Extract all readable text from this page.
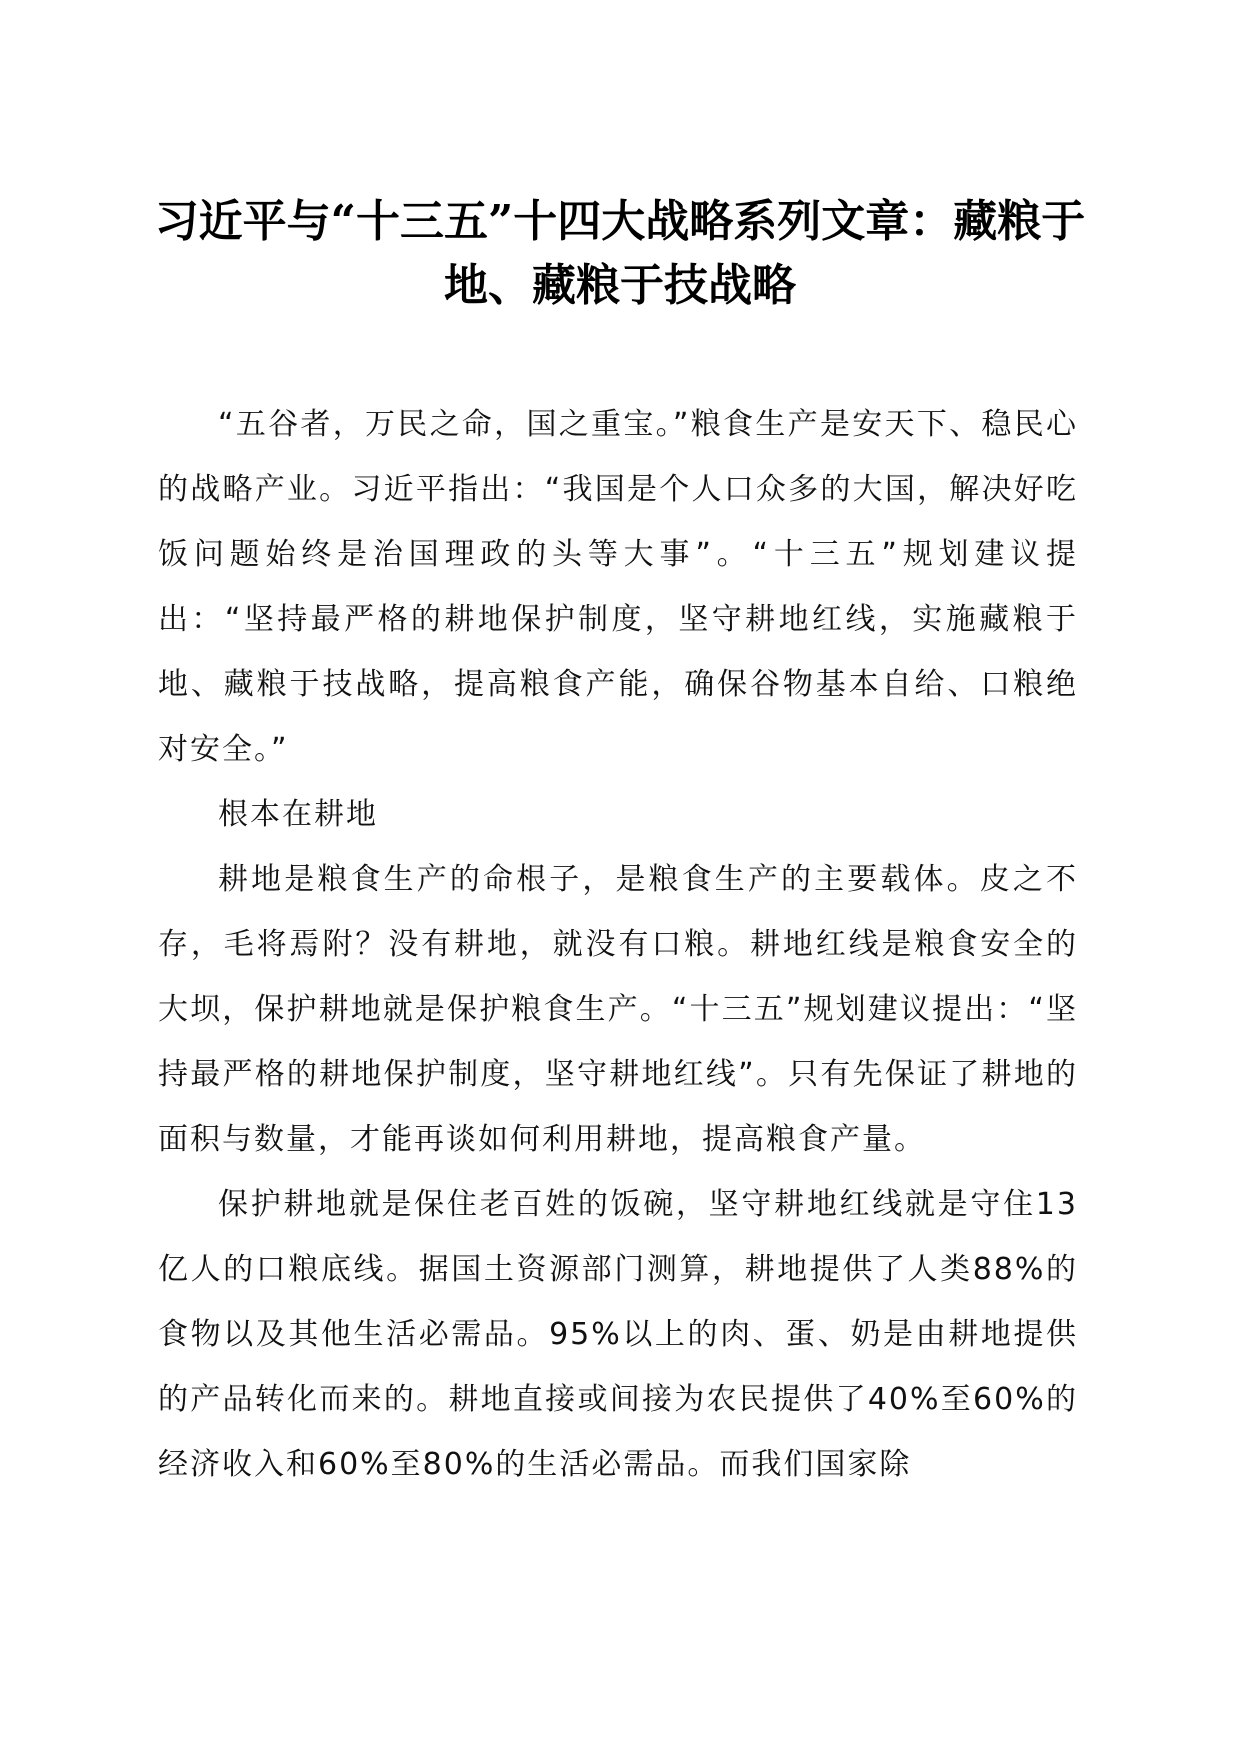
习近平与“十三五”十四大战略系列文章：藏粮于地、藏粮于技战略

“五谷者，万民之命，国之重宝。”粮食生产是安天下、稳民心的战略产业。习近平指出：“我国是个人口众多的大国，解决好吃饭问题始终是治国理政的头等大事”。“十三五”规划建议提出：“坚持最严格的耕地保护制度，坚守耕地红线，实施藏粮于地、藏粮于技战略，提高粮食产能，确保谷物基本自给、口粮绝对安全。”

根本在耕地

耕地是粮食生产的命根子，是粮食生产的主要载体。皮之不存，毛将焉附？没有耕地，就没有口粮。耕地红线是粮食安全的大坝，保护耕地就是保护粮食生产。“十三五”规划建议提出：“坚持最严格的耕地保护制度，坚守耕地红线”。只有先保证了耕地的面积与数量，才能再谈如何利用耕地，提高粮食产量。

保护耕地就是保住老百姓的饭碗，坚守耕地红线就是守住13亿人的口粮底线。据国土资源部门测算，耕地提供了人类88%的食物以及其他生活必需品。95%以上的肉、蛋、奶是由耕地提供的产品转化而来的。耕地直接或间接为农民提供了40%至60%的经济收入和60%至80%的生活必需品。而我们国家除
